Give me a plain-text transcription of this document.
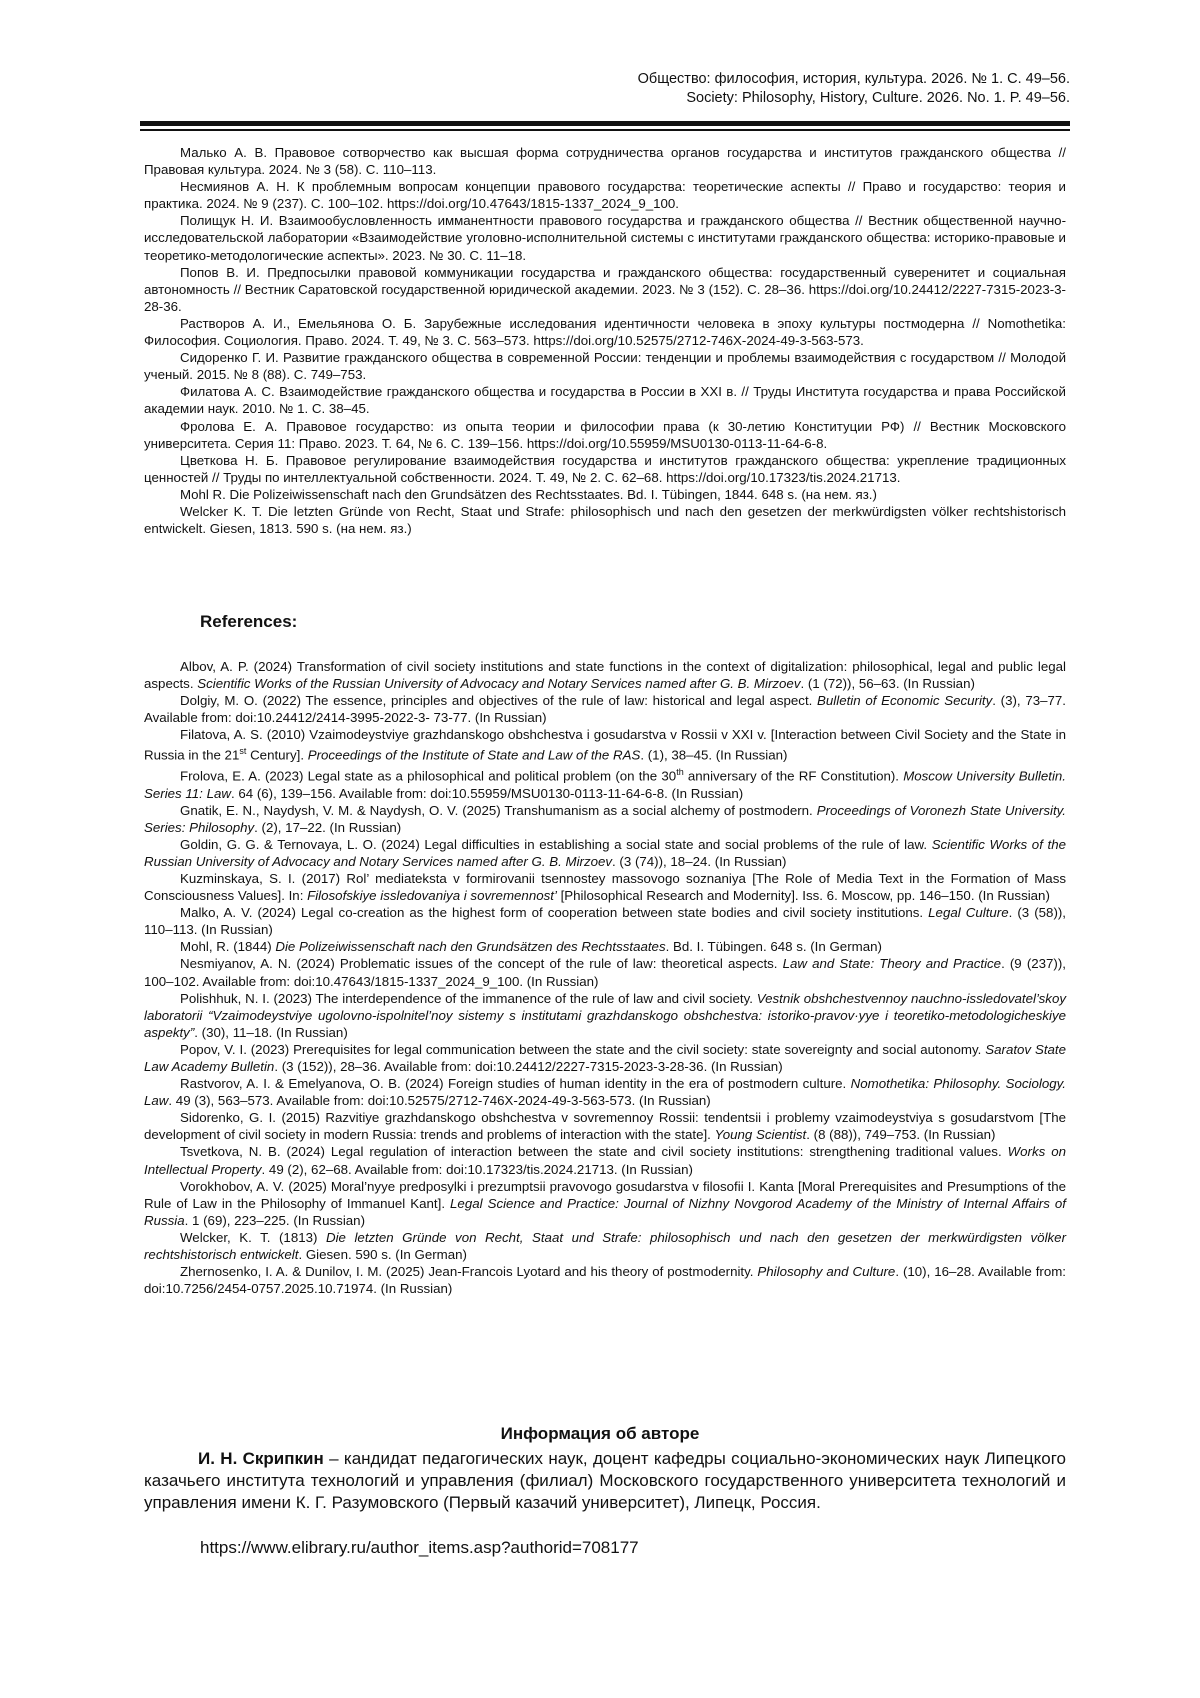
Общество: философия, история, культура. 2026. № 1. С. 49–56.
Society: Philosophy, History, Culture. 2026. No. 1. P. 49–56.

Малько А. В. Правовое сотворчество как высшая форма сотрудничества органов государства и институтов гражданского общества // Правовая культура. 2024. № 3 (58). С. 110–113.

Несмиянов А. Н. К проблемным вопросам концепции правового государства: теоретические аспекты // Право и государство: теория и практика. 2024. № 9 (237). С. 100–102. https://doi.org/10.47643/1815-1337_2024_9_100.

Полищук Н. И. Взаимообусловленность имманентности правового государства и гражданского общества // Вестник общественной научно-исследовательской лаборатории «Взаимодействие уголовно-исполнительной системы с институтами гражданского общества: историко-правовые и теоретико-методологические аспекты». 2023. № 30. С. 11–18.

Попов В. И. Предпосылки правовой коммуникации государства и гражданского общества: государственный суверенитет и социальная автономность // Вестник Саратовской государственной юридической академии. 2023. № 3 (152). С. 28–36. https://doi.org/10.24412/2227-7315-2023-3-28-36.

Растворов А. И., Емельянова О. Б. Зарубежные исследования идентичности человека в эпоху культуры постмодерна // Nomothetika: Философия. Социология. Право. 2024. Т. 49, № 3. С. 563–573. https://doi.org/10.52575/2712-746X-2024-49-3-563-573.

Сидоренко Г. И. Развитие гражданского общества в современной России: тенденции и проблемы взаимодействия с государством // Молодой ученый. 2015. № 8 (88). С. 749–753.

Филатова А. С. Взаимодействие гражданского общества и государства в России в XXI в. // Труды Института государства и права Российской академии наук. 2010. № 1. С. 38–45.

Фролова Е. А. Правовое государство: из опыта теории и философии права (к 30-летию Конституции РФ) // Вестник Московского университета. Серия 11: Право. 2023. Т. 64, № 6. С. 139–156. https://doi.org/10.55959/MSU0130-0113-11-64-6-8.

Цветкова Н. Б. Правовое регулирование взаимодействия государства и институтов гражданского общества: укрепление традиционных ценностей // Труды по интеллектуальной собственности. 2024. Т. 49, № 2. С. 62–68. https://doi.org/10.17323/tis.2024.21713.

Mohl R. Die Polizeiwissenschaft nach den Grundsätzen des Rechtsstaates. Bd. I. Tübingen, 1844. 648 s. (на нем. яз.)

Welcker K. T. Die letzten Gründe von Recht, Staat und Strafe: philosophisch und nach den gesetzen der merkwürdigsten völker rechtshistorisch entwickelt. Giesen, 1813. 590 s. (на нем. яз.)

References:

Albov, A. P. (2024) Transformation of civil society institutions and state functions in the context of digitalization: philosophical, legal and public legal aspects. Scientific Works of the Russian University of Advocacy and Notary Services named after G. B. Mirzoev. (1 (72)), 56–63. (In Russian)

Dolgiy, M. O. (2022) The essence, principles and objectives of the rule of law: historical and legal aspect. Bulletin of Economic Security. (3), 73–77. Available from: doi:10.24412/2414-3995-2022-3- 73-77. (In Russian)

Filatova, A. S. (2010) Vzaimodeystviye grazhdanskogo obshchestva i gosudarstva v Rossii v XXI v. [Interaction between Civil Society and the State in Russia in the 21st Century]. Proceedings of the Institute of State and Law of the RAS. (1), 38–45. (In Russian)

Frolova, E. A. (2023) Legal state as a philosophical and political problem (on the 30th anniversary of the RF Constitution). Moscow University Bulletin. Series 11: Law. 64 (6), 139–156. Available from: doi:10.55959/MSU0130-0113-11-64-6-8. (In Russian)

Gnatik, E. N., Naydysh, V. M. & Naydysh, O. V. (2025) Transhumanism as a social alchemy of postmodern. Proceedings of Voronezh State University. Series: Philosophy. (2), 17–22. (In Russian)

Goldin, G. G. & Ternovaya, L. O. (2024) Legal difficulties in establishing a social state and social problems of the rule of law. Scientific Works of the Russian University of Advocacy and Notary Services named after G. B. Mirzoev. (3 (74)), 18–24. (In Russian)

Kuzminskaya, S. I. (2017) Rol’ mediateksta v formirovanii tsennostey massovogo soznaniya [The Role of Media Text in the Formation of Mass Consciousness Values]. In: Filosofskiye issledovaniya i sovremennost’ [Philosophical Research and Modernity]. Iss. 6. Moscow, pp. 146–150. (In Russian)

Malko, A. V. (2024) Legal co-creation as the highest form of cooperation between state bodies and civil society institutions. Legal Culture. (3 (58)), 110–113. (In Russian)

Mohl, R. (1844) Die Polizeiwissenschaft nach den Grundsätzen des Rechtsstaates. Bd. I. Tübingen. 648 s. (In German)

Nesmiyanov, A. N. (2024) Problematic issues of the concept of the rule of law: theoretical aspects. Law and State: Theory and Practice. (9 (237)), 100–102. Available from: doi:10.47643/1815-1337_2024_9_100. (In Russian)

Polishhuk, N. I. (2023) The interdependence of the immanence of the rule of law and civil society. Vestnik obshchestvennoy nauchno-issledovatel’skoy laboratorii “Vzaimodeystviye ugolovno-ispolnitel’noy sistemy s institutami grazhdanskogo obshchestva: istoriko-pravov·yye i teoretiko-metodologicheskiye aspekty”. (30), 11–18. (In Russian)

Popov, V. I. (2023) Prerequisites for legal communication between the state and the civil society: state sovereignty and social autonomy. Saratov State Law Academy Bulletin. (3 (152)), 28–36. Available from: doi:10.24412/2227-7315-2023-3-28-36. (In Russian)

Rastvorov, A. I. & Emelyanova, O. B. (2024) Foreign studies of human identity in the era of postmodern culture. Nomothetika: Philosophy. Sociology. Law. 49 (3), 563–573. Available from: doi:10.52575/2712-746X-2024-49-3-563-573. (In Russian)

Sidorenko, G. I. (2015) Razvitiye grazhdanskogo obshchestva v sovremennoy Rossii: tendentsii i problemy vzaimodeystviya s gosudarstvom [The development of civil society in modern Russia: trends and problems of interaction with the state]. Young Scientist. (8 (88)), 749–753. (In Russian)

Tsvetkova, N. B. (2024) Legal regulation of interaction between the state and civil society institutions: strengthening traditional values. Works on Intellectual Property. 49 (2), 62–68. Available from: doi:10.17323/tis.2024.21713. (In Russian)

Vorokhobov, A. V. (2025) Moral’nyye predposylki i prezumptsii pravovogo gosudarstva v filosofii I. Kanta [Moral Prerequisites and Presumptions of the Rule of Law in the Philosophy of Immanuel Kant]. Legal Science and Practice: Journal of Nizhny Novgorod Academy of the Ministry of Internal Affairs of Russia. 1 (69), 223–225. (In Russian)

Welcker, K. T. (1813) Die letzten Gründe von Recht, Staat und Strafe: philosophisch und nach den gesetzen der merkwürdigsten völker rechtshistorisch entwickelt. Giesen. 590 s. (In German)

Zhernosenko, I. A. & Dunilov, I. M. (2025) Jean-Francois Lyotard and his theory of postmodernity. Philosophy and Culture. (10), 16–28. Available from: doi:10.7256/2454-0757.2025.10.71974. (In Russian)

Информация об авторе

И. Н. Скрипкин – кандидат педагогических наук, доцент кафедры социально-экономических наук Липецкого казачьего института технологий и управления (филиал) Московского государственного университета технологий и управления имени К. Г. Разумовского (Первый казачий университет), Липецк, Россия.

https://www.elibrary.ru/author_items.asp?authorid=708177
